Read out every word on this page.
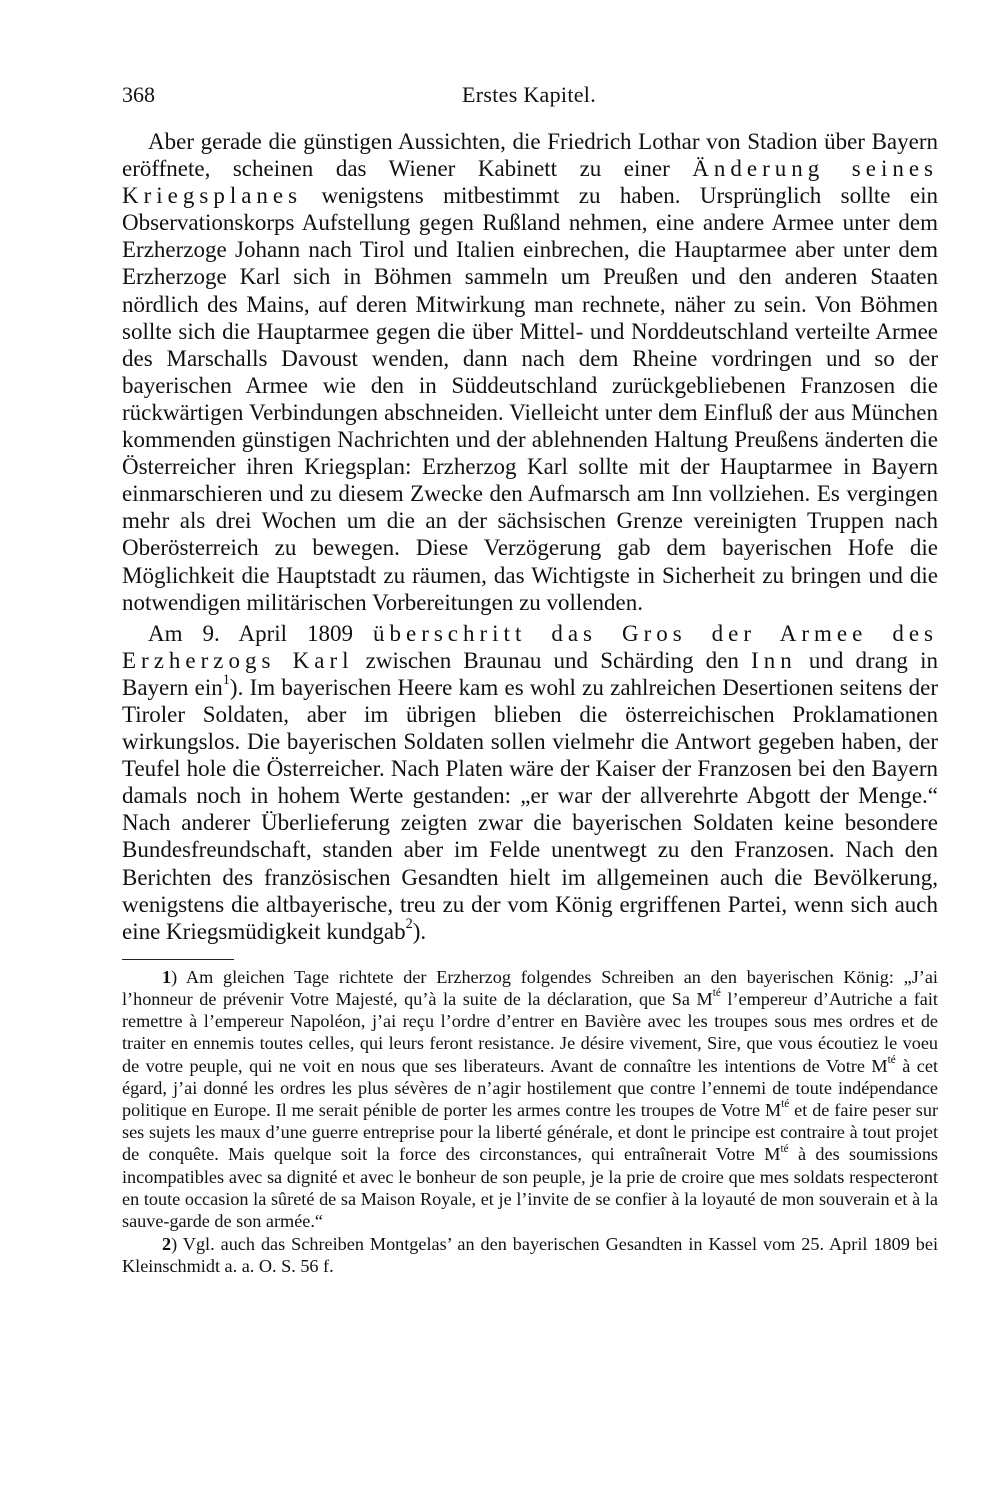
368	Erstes Kapitel.

Aber gerade die günstigen Aussichten, die Friedrich Lothar von Stadion über Bayern eröffnete, scheinen das Wiener Kabinett zu einer Änderung seines Kriegsplanes wenigstens mitbestimmt zu haben. Ursprünglich sollte ein Observationskorps Aufstellung gegen Rußland nehmen, eine andere Armee unter dem Erzherzoge Johann nach Tirol und Italien einbrechen, die Hauptarmee aber unter dem Erzherzoge Karl sich in Böhmen sammeln um Preußen und den anderen Staaten nördlich des Mains, auf deren Mitwirkung man rechnete, näher zu sein. Von Böhmen sollte sich die Hauptarmee gegen die über Mittel- und Norddeutschland verteilte Armee des Marschalls Davoust wenden, dann nach dem Rheine vordringen und so der bayerischen Armee wie den in Süddeutschland zurückgebliebenen Franzosen die rückwärtigen Verbindungen abschneiden. Vielleicht unter dem Einfluß der aus München kommenden günstigen Nachrichten und der ablehnenden Haltung Preußens änderten die Österreicher ihren Kriegsplan: Erzherzog Karl sollte mit der Hauptarmee in Bayern einmarschieren und zu diesem Zwecke den Aufmarsch am Inn vollziehen. Es vergingen mehr als drei Wochen um die an der sächsischen Grenze vereinigten Truppen nach Oberösterreich zu bewegen. Diese Verzögerung gab dem bayerischen Hofe die Möglichkeit die Hauptstadt zu räumen, das Wichtigste in Sicherheit zu bringen und die notwendigen militärischen Vorbereitungen zu vollenden.

Am 9. April 1809 überschritt das Gros der Armee des Erzherzogs Karl zwischen Braunau und Schärding den Inn und drang in Bayern ein$^1$). Im bayerischen Heere kam es wohl zu zahlreichen Desertionen seitens der Tiroler Soldaten, aber im übrigen blieben die österreichischen Proklamationen wirkungslos. Die bayerischen Soldaten sollen vielmehr die Antwort gegeben haben, der Teufel hole die Österreicher. Nach Platen wäre der Kaiser der Franzosen bei den Bayern damals noch in hohem Werte gestanden: „er war der allverehrte Abgott der Menge.“ Nach anderer Überlieferung zeigten zwar die bayerischen Soldaten keine besondere Bundesfreundschaft, standen aber im Felde unentwegt zu den Franzosen. Nach den Berichten des französischen Gesandten hielt im allgemeinen auch die Bevölkerung, wenigstens die altbayerische, treu zu der vom König ergriffenen Partei, wenn sich auch eine Kriegsmüdigkeit kundgab$^2$).

1) Am gleichen Tage richtete der Erzherzog folgendes Schreiben an den bayerischen König: „J’ai l’honneur de prévenir Votre Majesté, qu’à la suite de la déclaration, que Sa $M^{té}$ l’empereur d’Autriche a fait remettre à l’empereur Napoléon, j’ai reçu l’ordre d’entrer en Bavière avec les troupes sous mes ordres et de traiter en ennemis toutes celles, qui leurs feront resistance. Je désire vivement, Sire, que vous écoutiez le voeu de votre peuple, qui ne voit en nous que ses liberateurs. Avant de connaître les intentions de Votre $M^{té}$ à cet égard, j’ai donné les ordres les plus sévères de n’agir hostilement que contre l’ennemi de toute indépendance politique en Europe. Il me serait pénible de porter les armes contre les troupes de Votre $M^{té}$ et de faire peser sur ses sujets les maux d’une guerre entreprise pour la liberté générale, et dont le principe est contraire à tout projet de conquête. Mais quelque soit la force des circonstances, qui entraînerait Votre $M^{té}$ à des soumissions incompatibles avec sa dignité et avec le bonheur de son peuple, je la prie de croire que mes soldats respecteront en toute occasion la sûreté de sa Maison Royale, et je l’invite de se confier à la loyauté de mon souverain et à la sauve-garde de son armée.“

2) Vgl. auch das Schreiben Montgelas’ an den bayerischen Gesandten in Kassel vom 25. April 1809 bei Kleinschmidt a. a. O. S. 56 f.
